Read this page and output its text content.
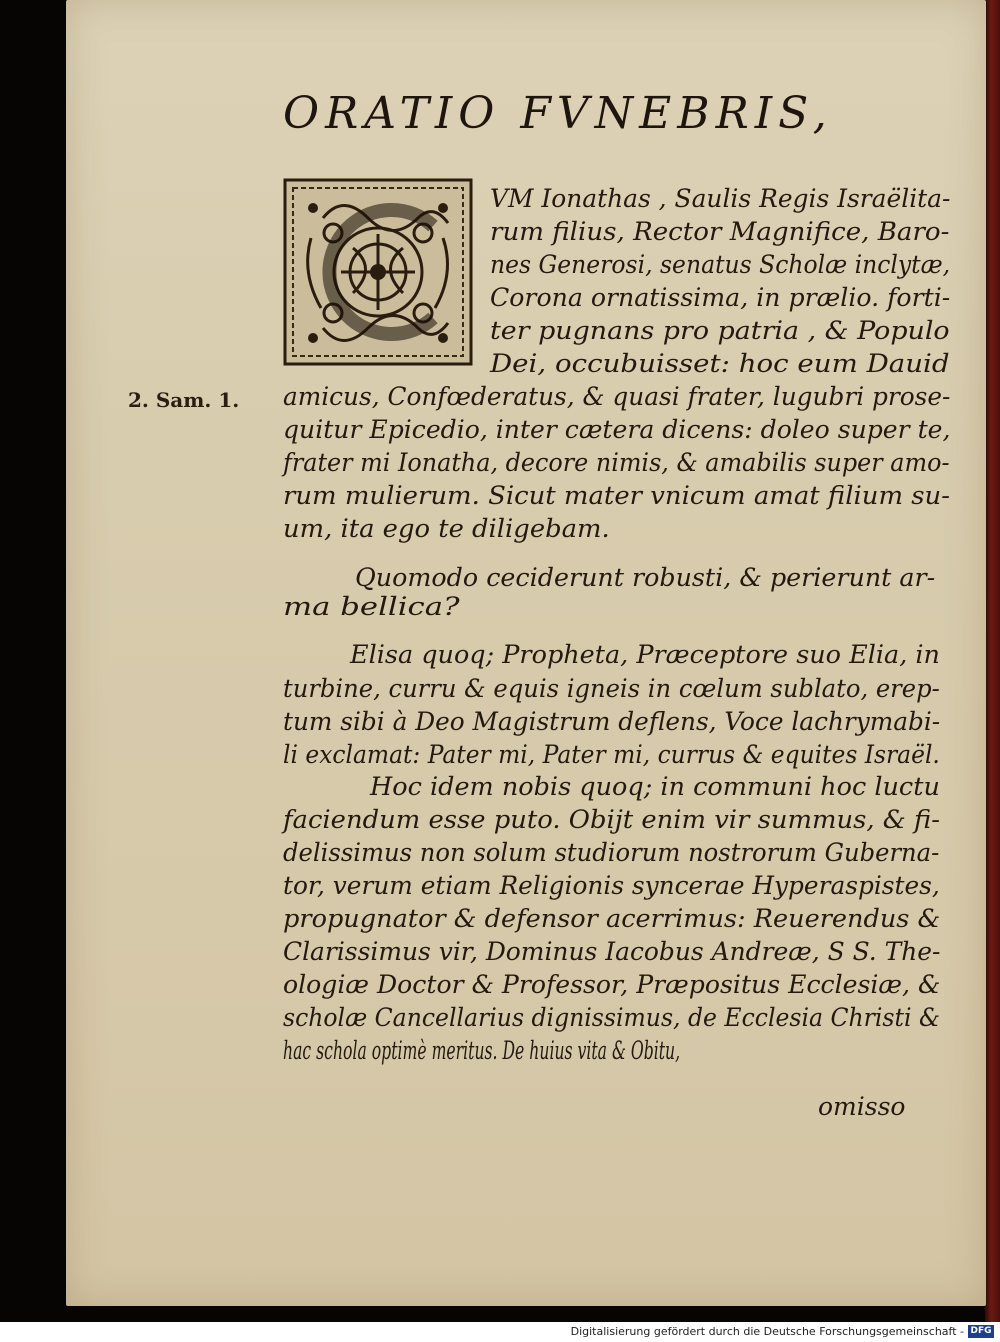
ORATIO FVNEBRIS,
2. Sam. 1.
VM Ionathas , Saulis Regis Israëlita-
rum filius, Rector Magnifice, Baro-
nes Generosi, senatus Scholæ inclytæ,
Corona ornatissima, in prælio. forti-
ter pugnans pro patria , & Populo
Dei, occubuisset: hoc eum Dauid
amicus, Confœderatus, & quasi frater, lugubri prose-
quitur Epicedio, inter cætera dicens: doleo super te,
frater mi Ionatha, decore nimis, & amabilis super amo-
rum mulierum. Sicut mater vnicum amat filium su-
um, ita ego te diligebam.
Quomodo ceciderunt robusti, & perierunt ar-
ma bellica?
Elisa quoq; Propheta, Præceptore suo Elia, in
turbine, curru & equis igneis in cœlum sublato, erep-
tum sibi à Deo Magistrum deflens, Voce lachrymabi-
li exclamat: Pater mi, Pater mi, currus & equites Israël.
Hoc idem nobis quoq; in communi hoc luctu
faciendum esse puto. Obijt enim vir summus, & fi-
delissimus non solum studiorum nostrorum Guberna-
tor, verum etiam Religionis syncerae Hyperaspistes,
propugnator & defensor acerrimus: Reuerendus &
Clarissimus vir, Dominus Iacobus Andreæ, S S. The-
ologiæ Doctor & Professor, Præpositus Ecclesiæ, &
scholæ Cancellarius dignissimus, de Ecclesia Christi &
hac schola optimè meritus. De huius vita & Obitu,
omisso
Digitalisierung gefördert durch die Deutsche Forschungsgemeinschaft - DFG
